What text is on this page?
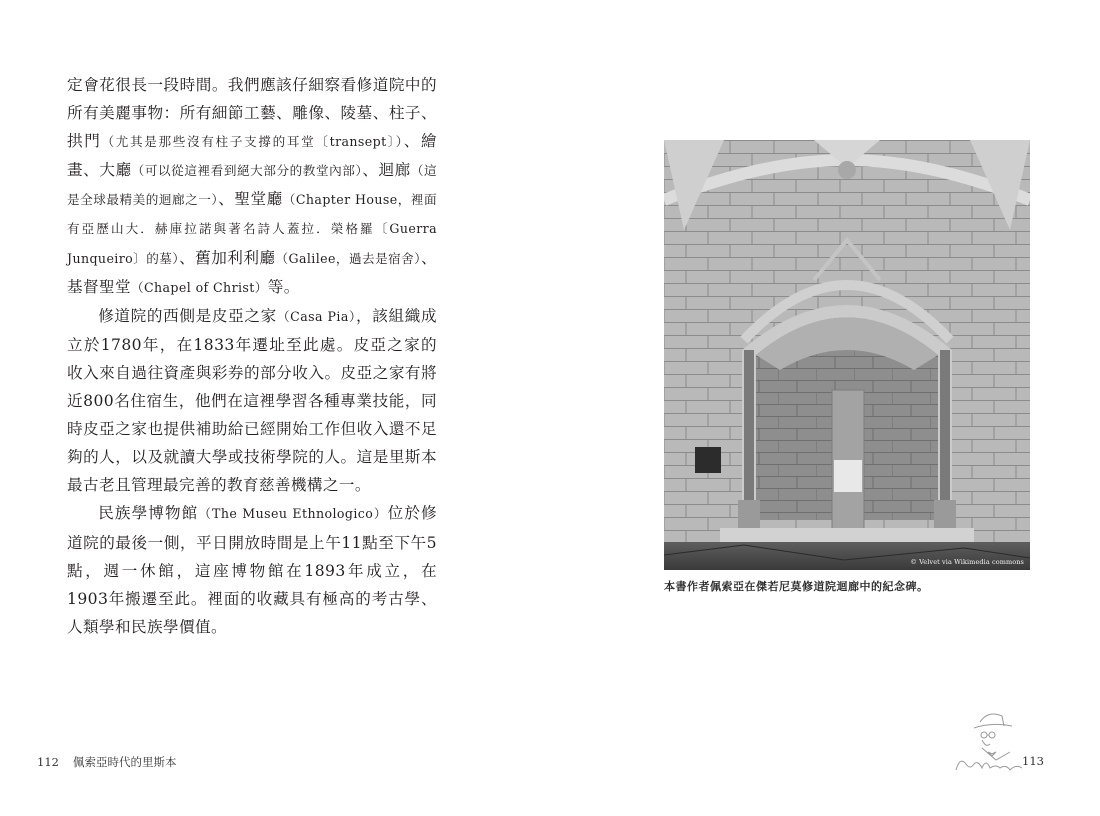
定會花很長一段時間。我們應該仔細察看修道院中的所有美麗事物：所有細節工藝、雕像、陵墓、柱子、拱門（尤其是那些沒有柱子支撐的耳堂〔transept〕）、繪畫、大廳（可以從這裡看到絕大部分的教堂內部）、迴廊（這是全球最精美的迴廊之一）、聖堂廳（Chapter House，裡面有亞歷山大．赫庫拉諾與著名詩人蓋拉．榮格羅〔Guerra Junqueiro〕的墓）、舊加利利廳（Galilee，過去是宿舍）、基督聖堂（Chapel of Christ）等。

修道院的西側是皮亞之家（Casa Pia），該組織成立於1780年，在1833年遷址至此處。皮亞之家的收入來自過往資產與彩券的部分收入。皮亞之家有將近800名住宿生，他們在這裡學習各種專業技能，同時皮亞之家也提供補助給已經開始工作但收入還不足夠的人，以及就讀大學或技術學院的人。這是里斯本最古老且管理最完善的教育慈善機構之一。

民族學博物館（The Museu Ethnologico）位於修道院的最後一側，平日開放時間是上午11點至下午5點，週一休館，這座博物館在1893年成立，在1903年搬遷至此。裡面的收藏具有極高的考古學、人類學和民族學價值。

112 佩索亞時代的里斯本
© Velvet via Wikimedia commons
本書作者佩索亞在傑若尼莫修道院迴廊中的紀念碑。
113
